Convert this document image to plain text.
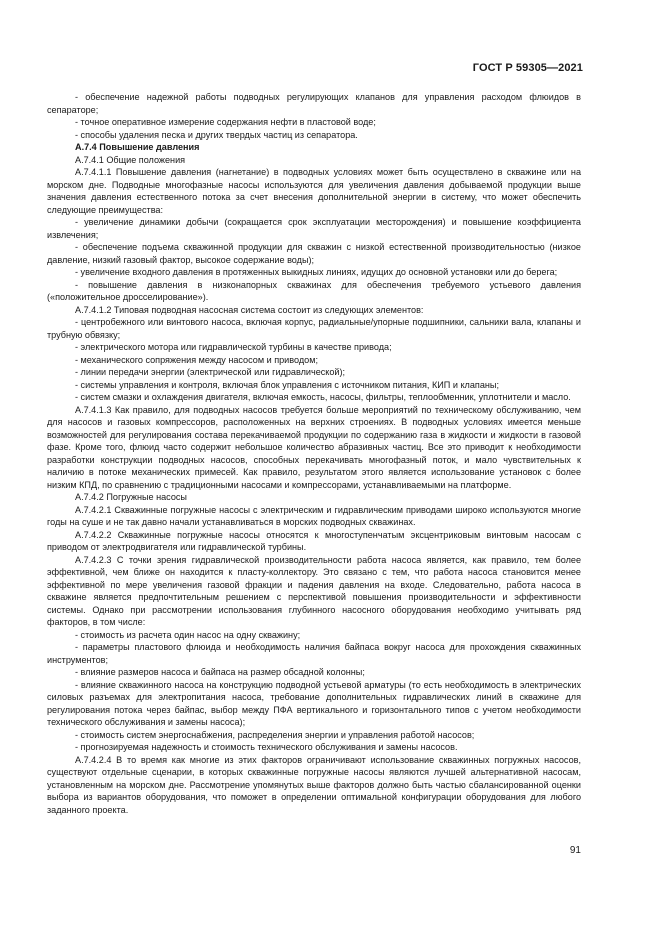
ГОСТ Р 59305—2021

- обеспечение надежной работы подводных регулирующих клапанов для управления расходом флюидов в сепараторе;

- точное оперативное измерение содержания нефти в пластовой воде;

- способы удаления песка и других твердых частиц из сепаратора.

А.7.4 Повышение давления

А.7.4.1 Общие положения

А.7.4.1.1 Повышение давления (нагнетание) в подводных условиях может быть осуществлено в скважине или на морском дне. Подводные многофазные насосы используются для увеличения давления добываемой продукции выше значения давления естественного потока за счет внесения дополнительной энергии в систему, что может обеспечить следующие преимущества:

- увеличение динамики добычи (сокращается срок эксплуатации месторождения) и повышение коэффициента извлечения;

- обеспечение подъема скважинной продукции для скважин с низкой естественной производительностью (низкое давление, низкий газовый фактор, высокое содержание воды);

- увеличение входного давления в протяженных выкидных линиях, идущих до основной установки или до берега;

- повышение давления в низконапорных скважинах для обеспечения требуемого устьевого давления («положительное дросселирование»).

А.7.4.1.2 Типовая подводная насосная система состоит из следующих элементов:

- центробежного или винтового насоса, включая корпус, радиальные/упорные подшипники, сальники вала, клапаны и трубную обвязку;

- электрического мотора или гидравлической турбины в качестве привода;

- механического сопряжения между насосом и приводом;

- линии передачи энергии (электрической или гидравлической);

- системы управления и контроля, включая блок управления с источником питания, КИП и клапаны;

- систем смазки и охлаждения двигателя, включая емкость, насосы, фильтры, теплообменник, уплотнители и масло.

А.7.4.1.3 Как правило, для подводных насосов требуется больше мероприятий по техническому обслуживанию, чем для насосов и газовых компрессоров, расположенных на верхних строениях. В подводных условиях имеется меньше возможностей для регулирования состава перекачиваемой продукции по содержанию газа в жидкости и жидкости в газовой фазе. Кроме того, флюид часто содержит небольшое количество абразивных частиц. Все это приводит к необходимости разработки конструкции подводных насосов, способных перекачивать многофазный поток, и мало чувствительных к наличию в потоке механических примесей. Как правило, результатом этого является использование установок с более низким КПД, по сравнению с традиционными насосами и компрессорами, устанавливаемыми на платформе.

А.7.4.2 Погружные насосы

А.7.4.2.1 Скважинные погружные насосы с электрическим и гидравлическим приводами широко используются многие годы на суше и не так давно начали устанавливаться в морских подводных скважинах.

А.7.4.2.2 Скважинные погружные насосы относятся к многоступенчатым эксцентриковым винтовым насосам с приводом от электродвигателя или гидравлической турбины.

А.7.4.2.3 С точки зрения гидравлической производительности работа насоса является, как правило, тем более эффективной, чем ближе он находится к пласту-коллектору. Это связано с тем, что работа насоса становится менее эффективной по мере увеличения газовой фракции и падения давления на входе. Следовательно, работа насоса в скважине является предпочтительным решением с перспективой повышения производительности и эффективности системы. Однако при рассмотрении использования глубинного насосного оборудования необходимо учитывать ряд факторов, в том числе:

- стоимость из расчета один насос на одну скважину;

- параметры пластового флюида и необходимость наличия байпаса вокруг насоса для прохождения скважинных инструментов;

- влияние размеров насоса и байпаса на размер обсадной колонны;

- влияние скважинного насоса на конструкцию подводной устьевой арматуры (то есть необходимость в электрических силовых разъемах для электропитания насоса, требование дополнительных гидравлических линий в скважине для регулирования потока через байпас, выбор между ПФА вертикального и горизонтального типов с учетом необходимости технического обслуживания и замены насоса);

- стоимость систем энергоснабжения, распределения энергии и управления работой насосов;

- прогнозируемая надежность и стоимость технического обслуживания и замены насосов.

А.7.4.2.4 В то время как многие из этих факторов ограничивают использование скважинных погружных насосов, существуют отдельные сценарии, в которых скважинные погружные насосы являются лучшей альтернативной насосам, установленным на морском дне. Рассмотрение упомянутых выше факторов должно быть частью сбалансированной оценки выбора из вариантов оборудования, что поможет в определении оптимальной конфигурации оборудования для любого заданного проекта.

91
